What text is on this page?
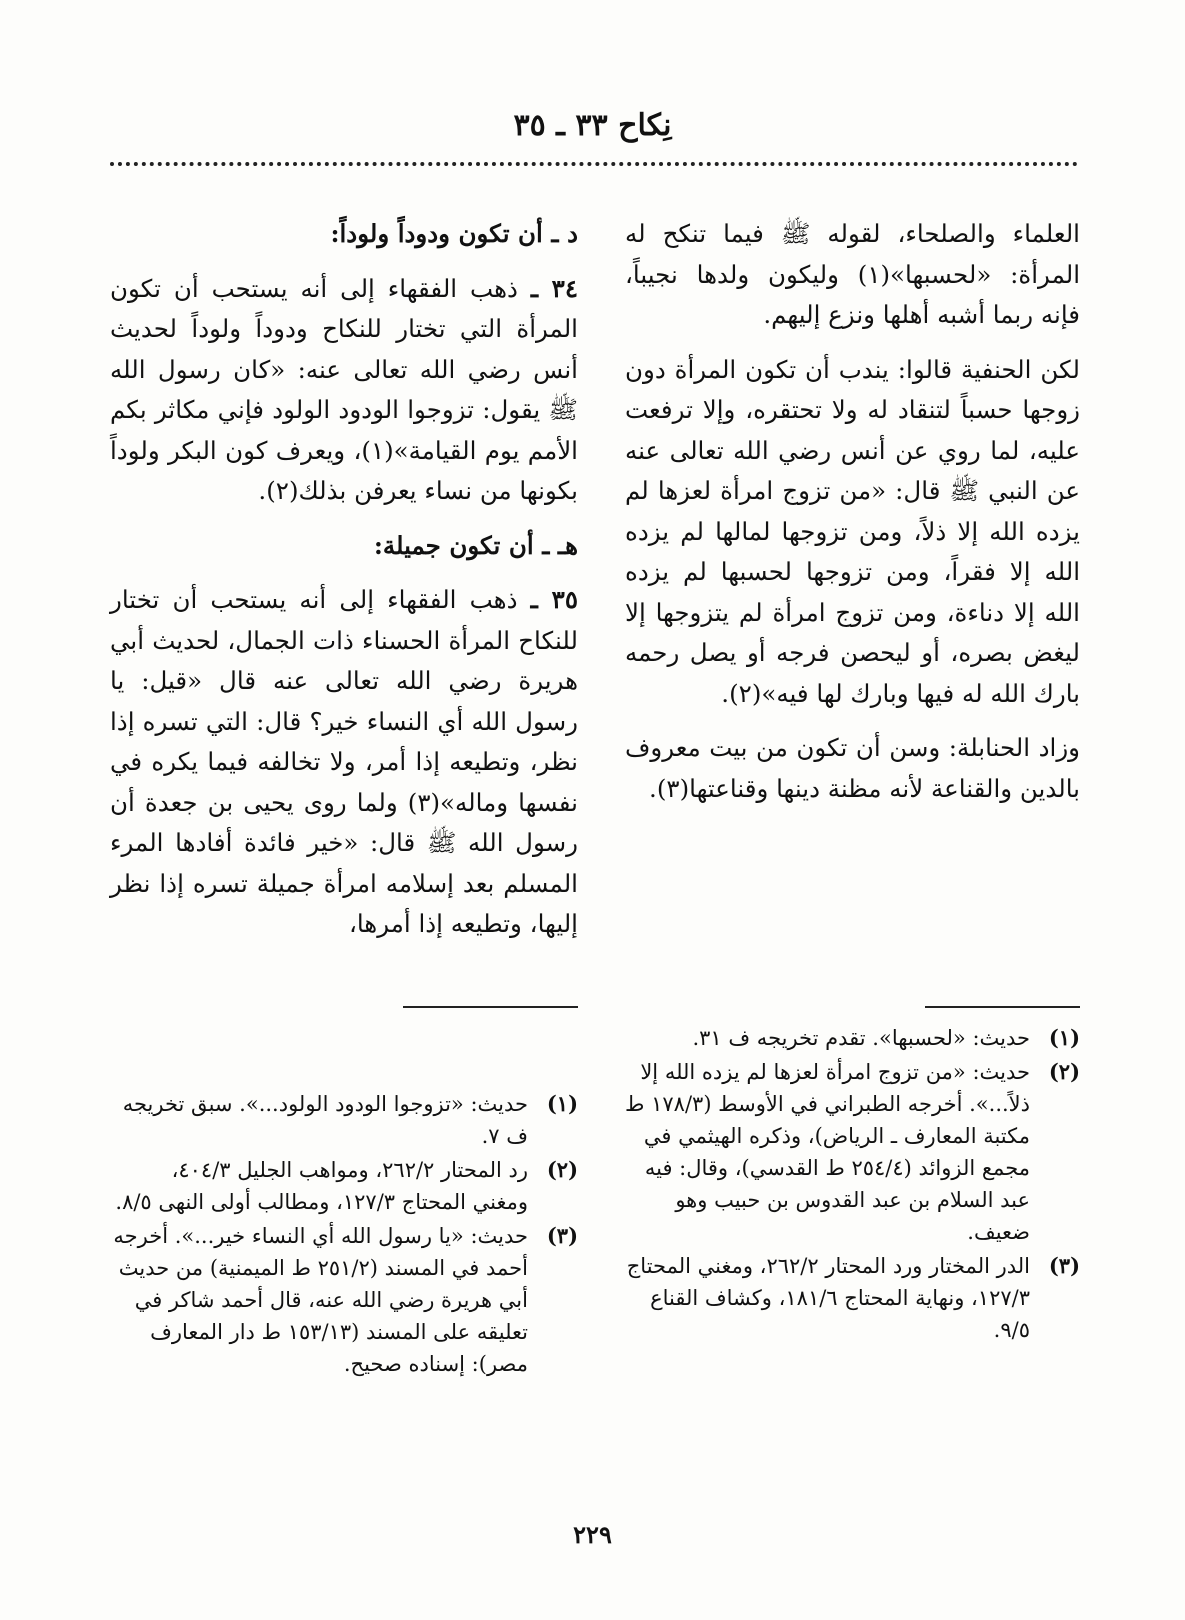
نِكاح ٣٣ ـ ٣٥

العلماء والصلحاء، لقوله ﷺ فيما تنكح له المرأة: «لحسبها»(١) وليكون ولدها نجيباً، فإنه ربما أشبه أهلها ونزع إليهم.

لكن الحنفية قالوا: يندب أن تكون المرأة دون زوجها حسباً لتنقاد له ولا تحتقره، وإلا ترفعت عليه، لما روي عن أنس رضي الله تعالى عنه عن النبي ﷺ قال: «من تزوج امرأة لعزها لم يزده الله إلا ذلاً، ومن تزوجها لمالها لم يزده الله إلا فقراً، ومن تزوجها لحسبها لم يزده الله إلا دناءة، ومن تزوج امرأة لم يتزوجها إلا ليغض بصره، أو ليحصن فرجه أو يصل رحمه بارك الله له فيها وبارك لها فيه»(٢).

وزاد الحنابلة: وسن أن تكون من بيت معروف بالدين والقناعة لأنه مظنة دينها وقناعتها(٣).

د ـ أن تكون ودوداً ولوداً:

٣٤ ـ ذهب الفقهاء إلى أنه يستحب أن تكون المرأة التي تختار للنكاح ودوداً ولوداً لحديث أنس رضي الله تعالى عنه: «كان رسول الله ﷺ يقول: تزوجوا الودود الولود فإني مكاثر بكم الأمم يوم القيامة»(١)، ويعرف كون البكر ولوداً بكونها من نساء يعرفن بذلك(٢).

هـ ـ أن تكون جميلة:

٣٥ ـ ذهب الفقهاء إلى أنه يستحب أن تختار للنكاح المرأة الحسناء ذات الجمال، لحديث أبي هريرة رضي الله تعالى عنه قال «قيل: يا رسول الله أي النساء خير؟ قال: التي تسره إذا نظر، وتطيعه إذا أمر، ولا تخالفه فيما يكره في نفسها وماله»(٣) ولما روى يحيى بن جعدة أن رسول الله ﷺ قال: «خير فائدة أفادها المرء المسلم بعد إسلامه امرأة جميلة تسره إذا نظر إليها، وتطيعه إذا أمرها،

(١)
حديث: «لحسبها». تقدم تخريجه ف ٣١.
(٢)
حديث: «من تزوج امرأة لعزها لم يزده الله إلا ذلاً...». أخرجه الطبراني في الأوسط (١٧٨/٣ ط مكتبة المعارف ـ الرياض)، وذكره الهيثمي في مجمع الزوائد (٢٥٤/٤ ط القدسي)، وقال: فيه عبد السلام بن عبد القدوس بن حبيب وهو ضعيف.
(٣)
الدر المختار ورد المحتار ٢٦٢/٢، ومغني المحتاج ١٢٧/٣، ونهاية المحتاج ١٨١/٦، وكشاف القناع ٩/٥.
(١)
حديث: «تزوجوا الودود الولود...». سبق تخريجه ف ٧.
(٢)
رد المحتار ٢٦٢/٢، ومواهب الجليل ٤٠٤/٣، ومغني المحتاج ١٢٧/٣، ومطالب أولى النهى ٨/٥.
(٣)
حديث: «يا رسول الله أي النساء خير...». أخرجه أحمد في المسند (٢٥١/٢ ط الميمنية) من حديث أبي هريرة رضي الله عنه، قال أحمد شاكر في تعليقه على المسند (١٥٣/١٣ ط دار المعارف مصر): إسناده صحيح.
٢٢٩
